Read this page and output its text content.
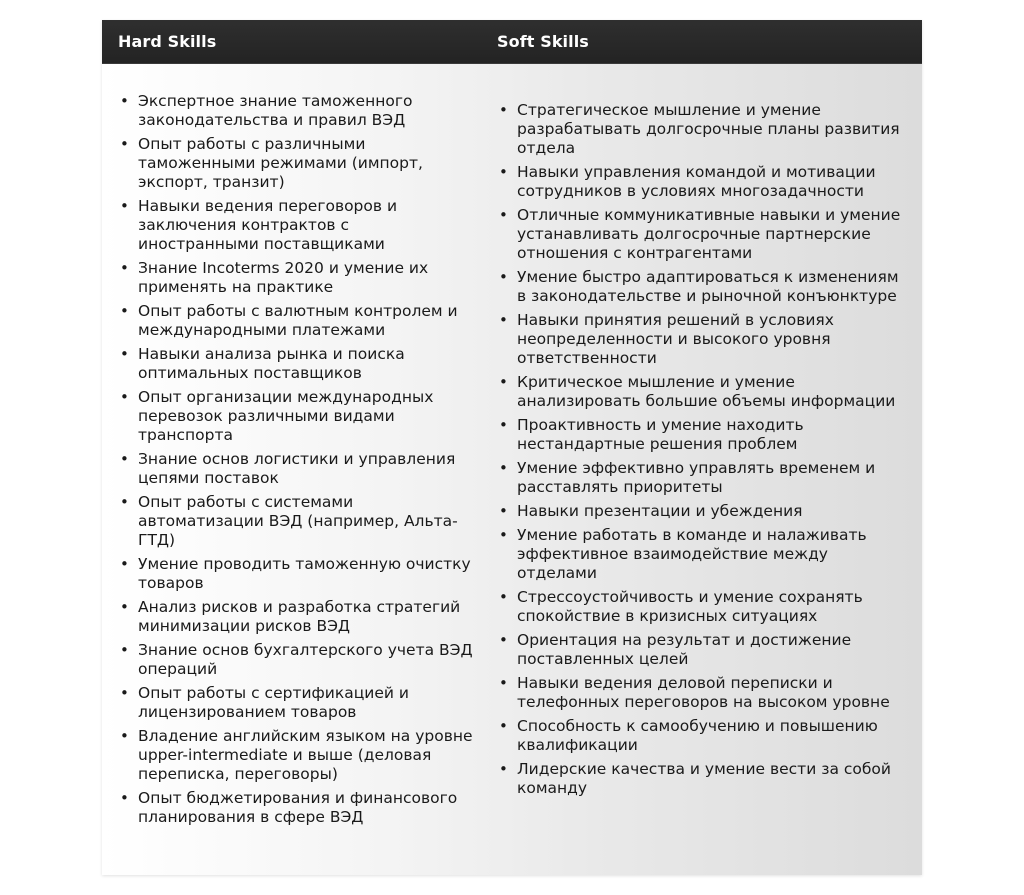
Hard Skills	Soft Skills
• Экспертное знание таможенного законодательства и правил ВЭД
• Опыт работы с различными таможенными режимами (импорт, экспорт, транзит)
• Навыки ведения переговоров и заключения контрактов с иностранными поставщиками
• Знание Incoterms 2020 и умение их применять на практике
• Опыт работы с валютным контролем и международными платежами
• Навыки анализа рынка и поиска оптимальных поставщиков
• Опыт организации международных перевозок различными видами транспорта
• Знание основ логистики и управления цепями поставок
• Опыт работы с системами автоматизации ВЭД (например, Альта-ГТД)
• Умение проводить таможенную очистку товаров
• Анализ рисков и разработка стратегий минимизации рисков ВЭД
• Знание основ бухгалтерского учета ВЭД операций
• Опыт работы с сертификацией и лицензированием товаров
• Владение английским языком на уровне upper-intermediate и выше (деловая переписка, переговоры)
• Опыт бюджетирования и финансового планирования в сфере ВЭД
• Стратегическое мышление и умение разрабатывать долгосрочные планы развития отдела
• Навыки управления командой и мотивации сотрудников в условиях многозадачности
• Отличные коммуникативные навыки и умение устанавливать долгосрочные партнерские отношения с контрагентами
• Умение быстро адаптироваться к изменениям в законодательстве и рыночной конъюнктуре
• Навыки принятия решений в условиях неопределенности и высокого уровня ответственности
• Критическое мышление и умение анализировать большие объемы информации
• Проактивность и умение находить нестандартные решения проблем
• Умение эффективно управлять временем и расставлять приоритеты
• Навыки презентации и убеждения
• Умение работать в команде и налаживать эффективное взаимодействие между отделами
• Стрессоустойчивость и умение сохранять спокойствие в кризисных ситуациях
• Ориентация на результат и достижение поставленных целей
• Навыки ведения деловой переписки и телефонных переговоров на высоком уровне
• Способность к самообучению и повышению квалификации
• Лидерские качества и умение вести за собой команду
